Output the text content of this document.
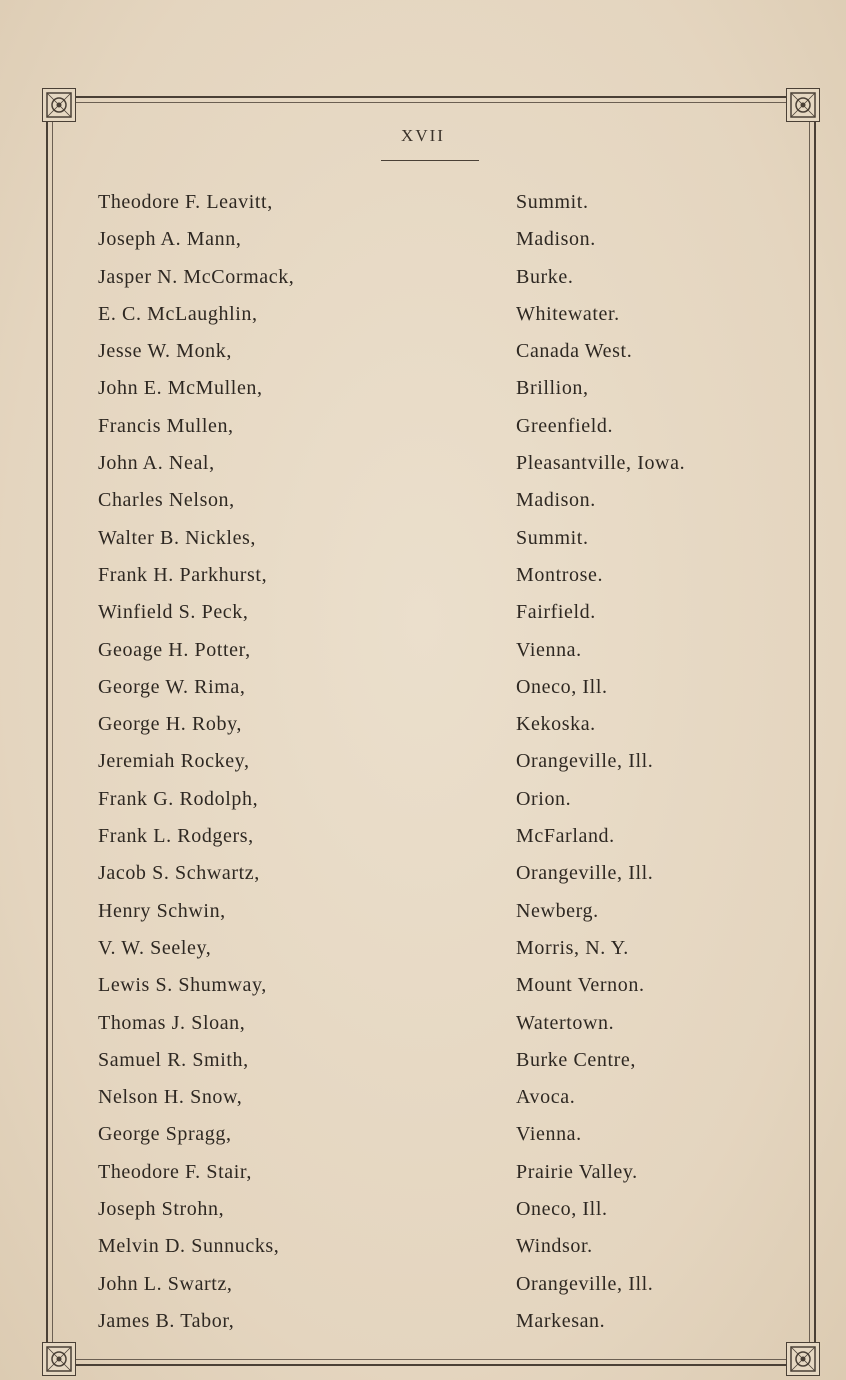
XVII
Theodore F. Leavitt,	Summit.
Joseph A. Mann,	Madison.
Jasper N. McCormack,	Burke.
E. C. McLaughlin,	Whitewater.
Jesse W. Monk,	Canada West.
John E. McMullen,	Brillion,
Francis Mullen,	Greenfield.
John A. Neal,	Pleasantville, Iowa.
Charles Nelson,	Madison.
Walter B. Nickles,	Summit.
Frank H. Parkhurst,	Montrose.
Winfield S. Peck,	Fairfield.
Geoage H. Potter,	Vienna.
George W. Rima,	Oneco, Ill.
George H. Roby,	Kekoska.
Jeremiah Rockey,	Orangeville, Ill.
Frank G. Rodolph,	Orion.
Frank L. Rodgers,	McFarland.
Jacob S. Schwartz,	Orangeville, Ill.
Henry Schwin,	Newberg.
V. W. Seeley,	Morris, N. Y.
Lewis S. Shumway,	Mount Vernon.
Thomas J. Sloan,	Watertown.
Samuel R. Smith,	Burke Centre,
Nelson H. Snow,	Avoca.
George Spragg,	Vienna.
Theodore F. Stair,	Prairie Valley.
Joseph Strohn,	Oneco, Ill.
Melvin D. Sunnucks,	Windsor.
John L. Swartz,	Orangeville, Ill.
James B. Tabor,	Markesan.
